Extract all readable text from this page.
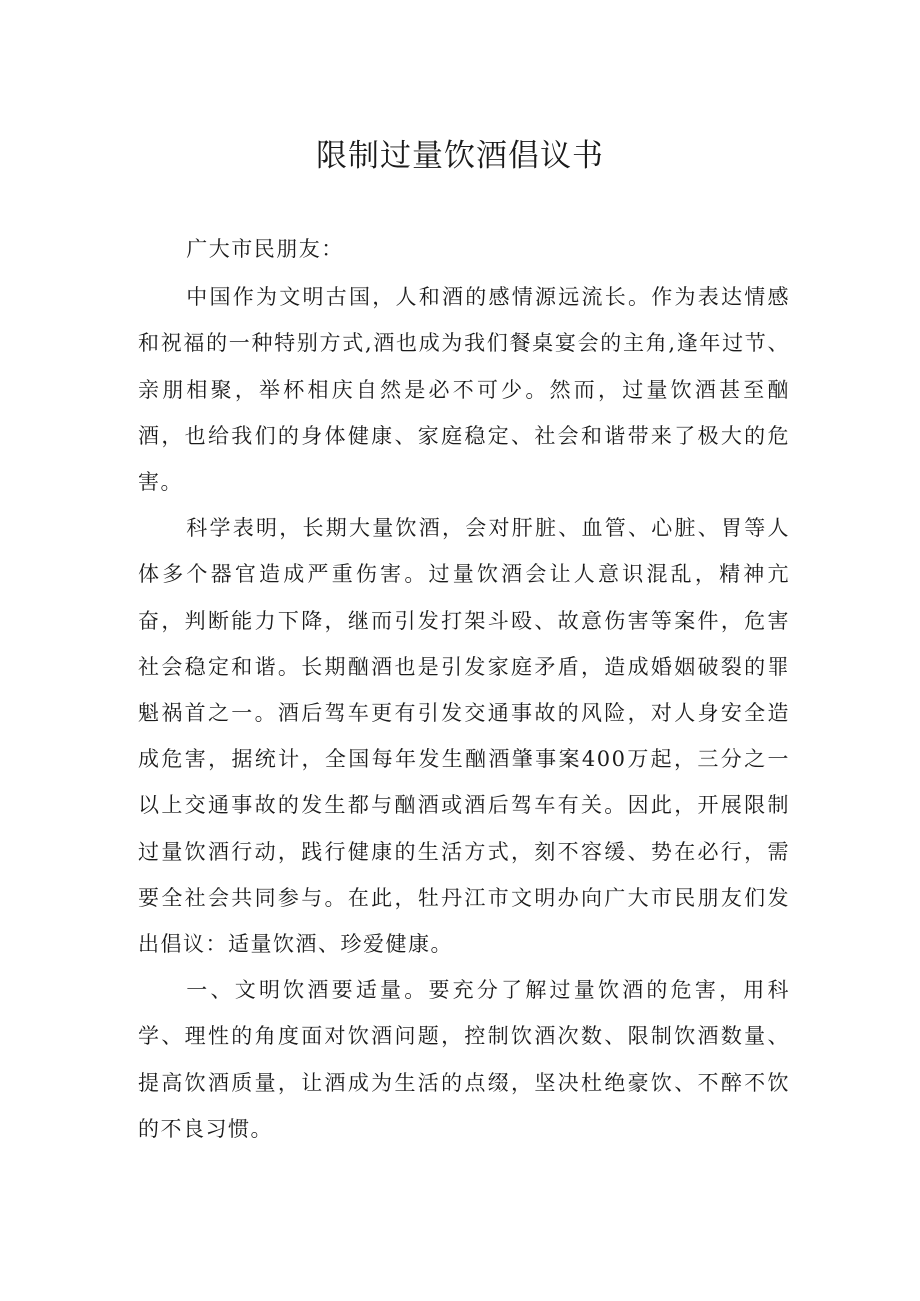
限制过量饮酒倡议书

广大市民朋友：

中国作为文明古国，人和酒的感情源远流长。作为表达情感和祝福的一种特别方式,酒也成为我们餐桌宴会的主角,逢年过节、亲朋相聚，举杯相庆自然是必不可少。然而，过量饮酒甚至酗酒，也给我们的身体健康、家庭稳定、社会和谐带来了极大的危害。

科学表明，长期大量饮酒，会对肝脏、血管、心脏、胃等人体多个器官造成严重伤害。过量饮酒会让人意识混乱，精神亢奋，判断能力下降，继而引发打架斗殴、故意伤害等案件，危害社会稳定和谐。长期酗酒也是引发家庭矛盾，造成婚姻破裂的罪魁祸首之一。酒后驾车更有引发交通事故的风险，对人身安全造成危害，据统计，全国每年发生酗酒肇事案400万起，三分之一以上交通事故的发生都与酗酒或酒后驾车有关。因此，开展限制过量饮酒行动，践行健康的生活方式，刻不容缓、势在必行，需要全社会共同参与。在此，牡丹江市文明办向广大市民朋友们发出倡议：适量饮酒、珍爱健康。

一、文明饮酒要适量。要充分了解过量饮酒的危害，用科学、理性的角度面对饮酒问题，控制饮酒次数、限制饮酒数量、提高饮酒质量，让酒成为生活的点缀，坚决杜绝豪饮、不醉不饮的不良习惯。
